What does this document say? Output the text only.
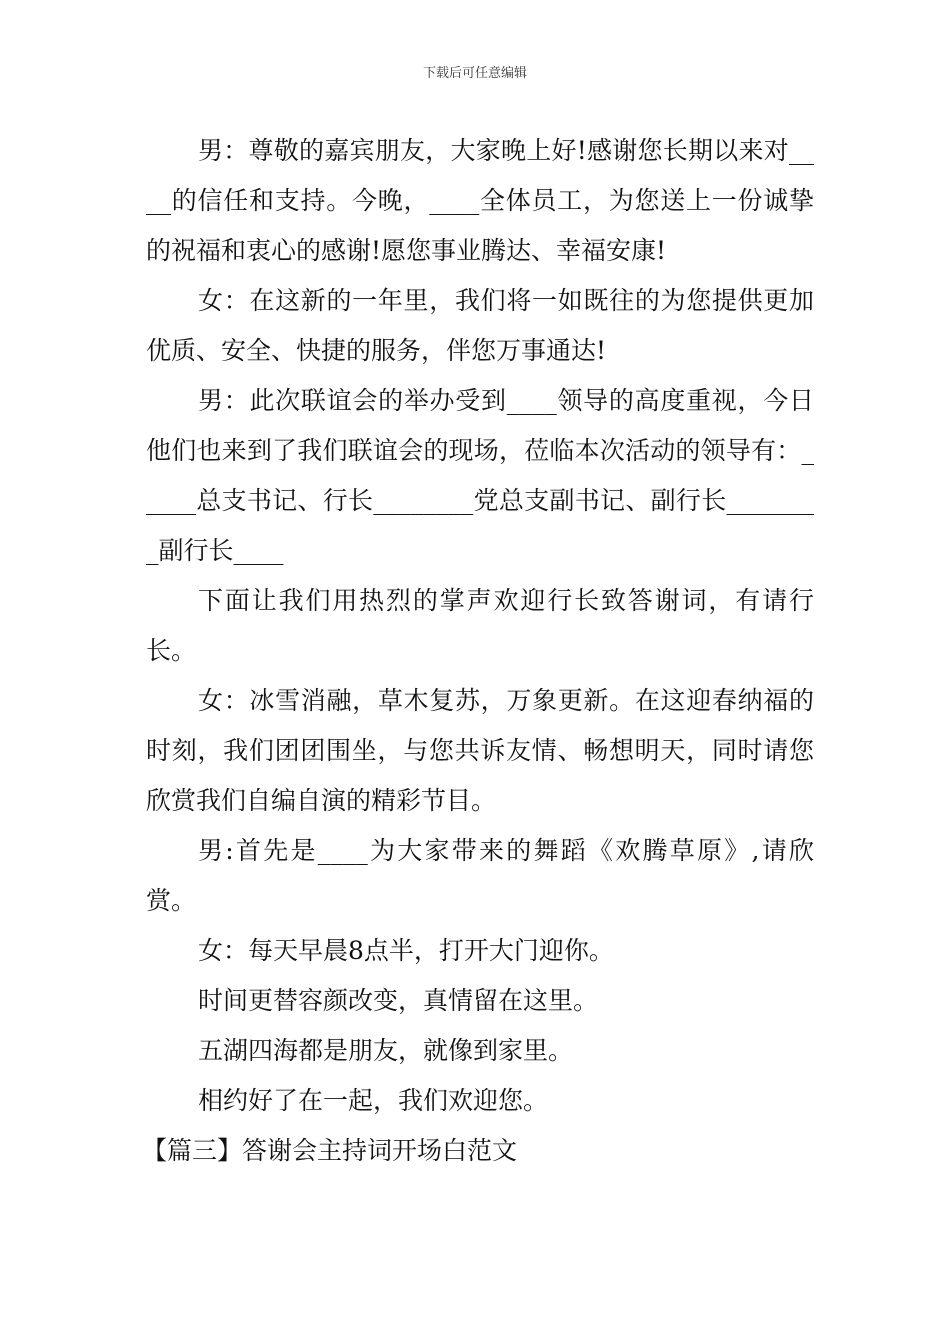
下载后可任意编辑

男：尊敬的嘉宾朋友，大家晚上好!感谢您长期以来对____的信任和支持。今晚，____全体员工，为您送上一份诚挚的祝福和衷心的感谢!愿您事业腾达、幸福安康!

女：在这新的一年里，我们将一如既往的为您提供更加优质、安全、快捷的服务，伴您万事通达!

男：此次联谊会的举办受到____领导的高度重视，今日他们也来到了我们联谊会的现场，莅临本次活动的领导有：_____总支书记、行长________党总支副书记、副行长________副行长____

下面让我们用热烈的掌声欢迎行长致答谢词，有请行长。

女：冰雪消融，草木复苏，万象更新。在这迎春纳福的时刻，我们团团围坐，与您共诉友情、畅想明天，同时请您欣赏我们自编自演的精彩节目。

男:首先是____为大家带来的舞蹈《欢腾草原》,请欣赏。

女：每天早晨8点半，打开大门迎你。

时间更替容颜改变，真情留在这里。

五湖四海都是朋友，就像到家里。

相约好了在一起，我们欢迎您。

【篇三】答谢会主持词开场白范文
